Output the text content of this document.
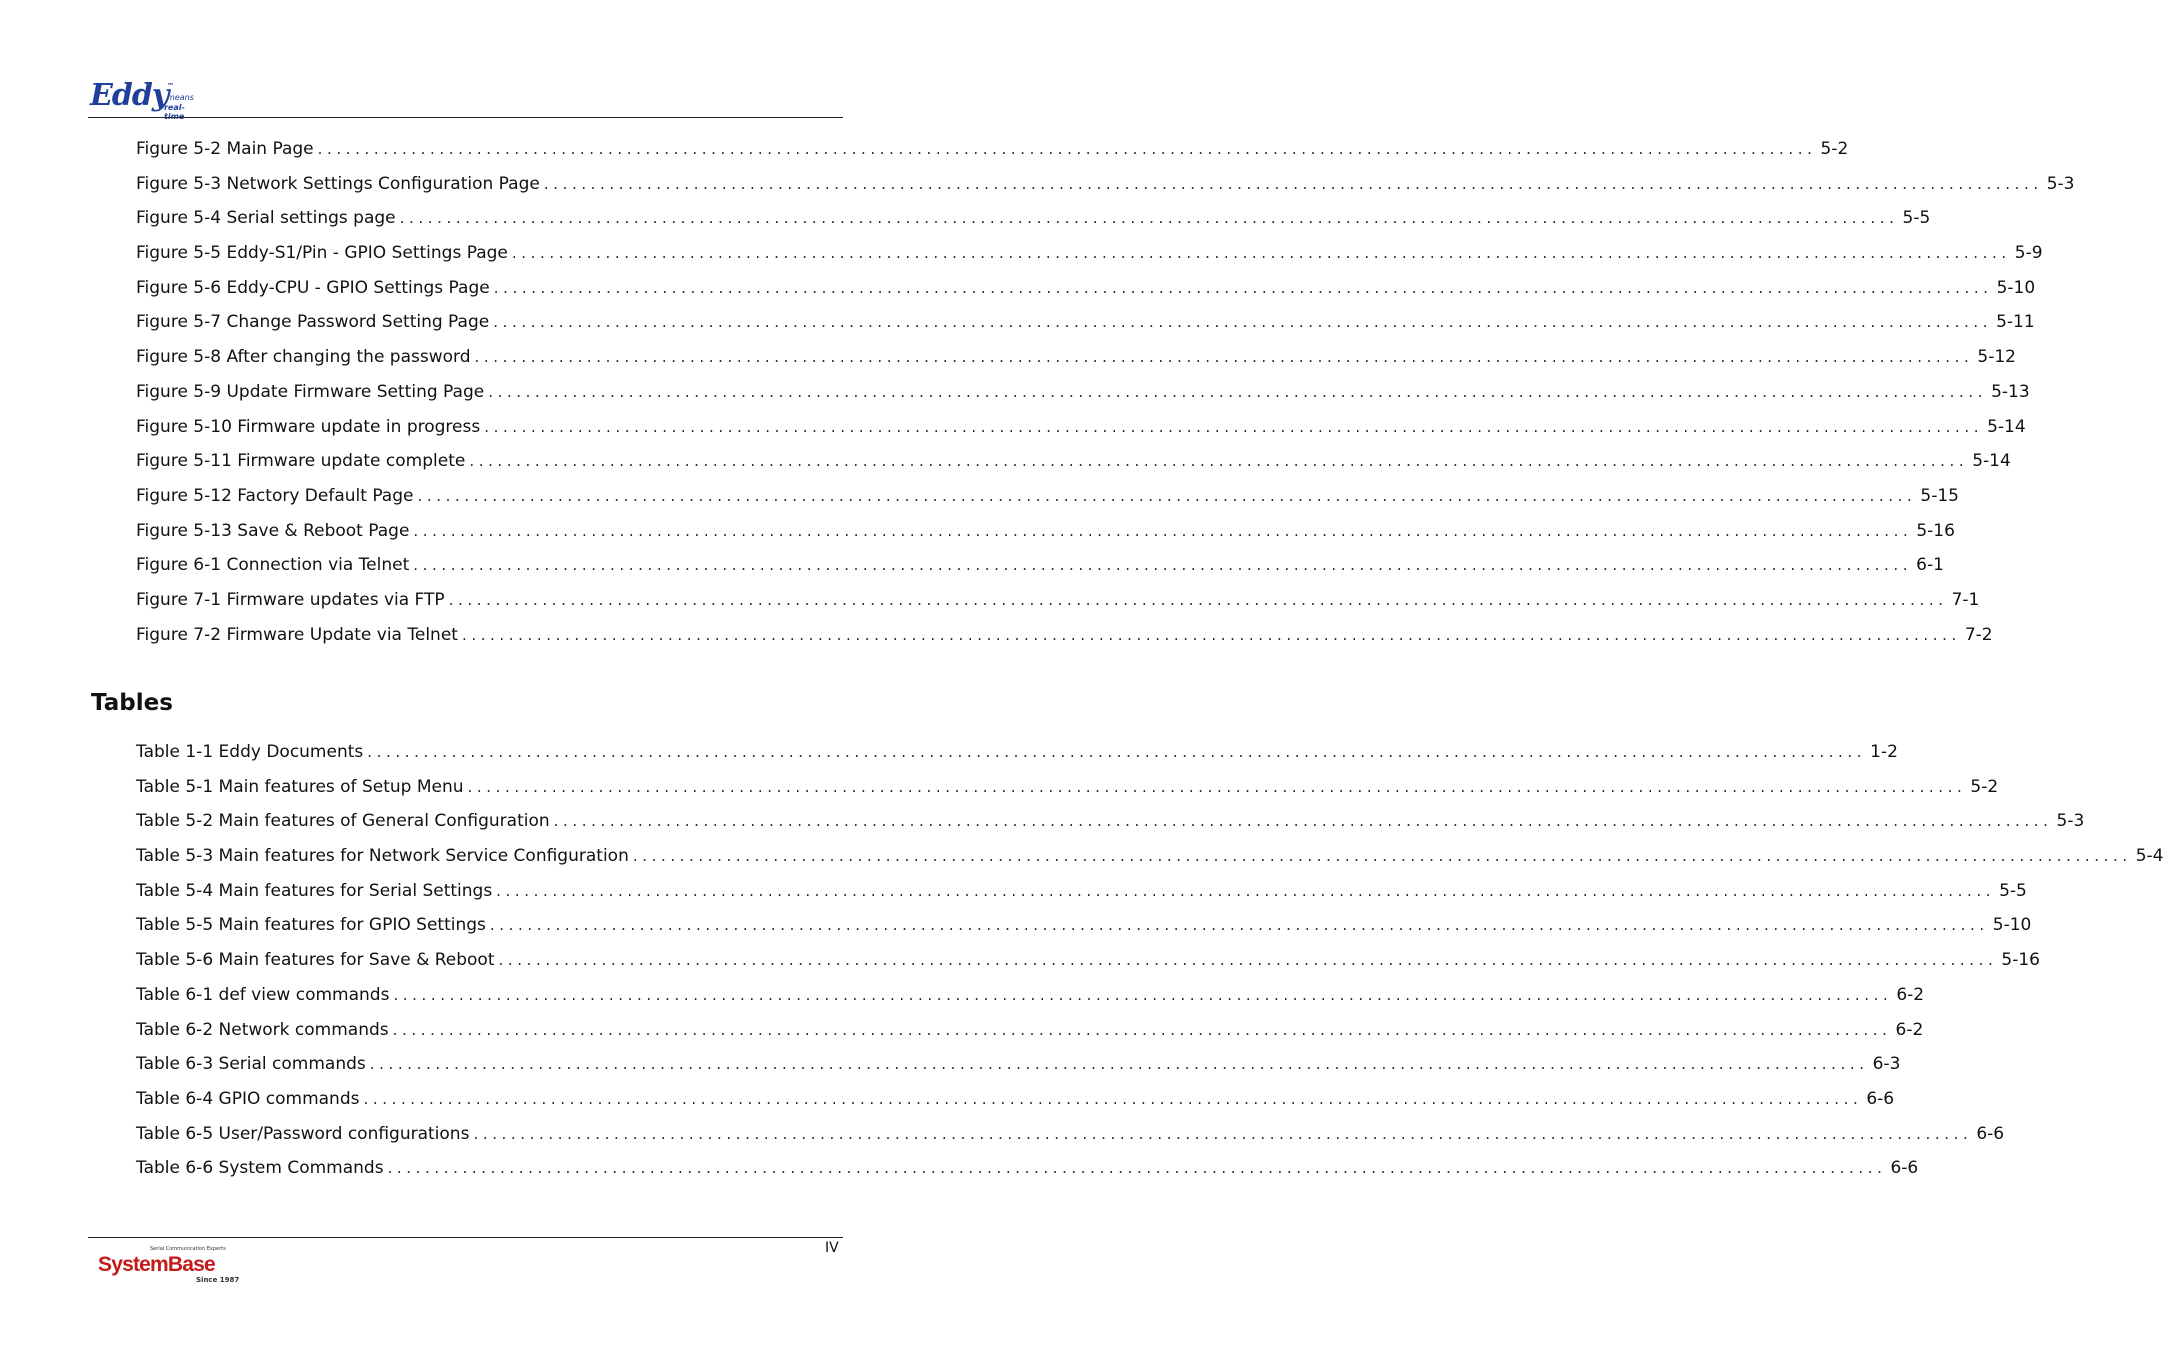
Eddy
™
means
real-
Figure 5-2 Main Page ................................................................................................................................................................ 5-2
Figure 5-3 Network Settings Configuration Page ................................................................................................................................................................ 5-3
Figure 5-4 Serial settings page ................................................................................................................................................................ 5-5
Figure 5-5 Eddy-S1/Pin - GPIO Settings Page ................................................................................................................................................................ 5-9
Figure 5-6 Eddy-CPU - GPIO Settings Page ................................................................................................................................................................ 5-10
Figure 5-7 Change Password Setting Page ................................................................................................................................................................ 5-11
Figure 5-8 After changing the password ................................................................................................................................................................ 5-12
Figure 5-9 Update Firmware Setting Page ................................................................................................................................................................ 5-13
Figure 5-10 Firmware update in progress ................................................................................................................................................................ 5-14
Figure 5-11 Firmware update complete ................................................................................................................................................................ 5-14
Figure 5-12 Factory Default Page ................................................................................................................................................................ 5-15
Figure 5-13 Save & Reboot Page ................................................................................................................................................................ 5-16
Figure 6-1 Connection via Telnet ................................................................................................................................................................ 6-1
Figure 7-1 Firmware updates via FTP ................................................................................................................................................................ 7-1
Figure 7-2 Firmware Update via Telnet ................................................................................................................................................................ 7-2
Tables
Table 1-1 Eddy Documents ................................................................................................................................................................ 1-2
Table 5-1 Main features of Setup Menu ................................................................................................................................................................ 5-2
Table 5-2 Main features of General Configuration ................................................................................................................................................................ 5-3
Table 5-3 Main features for Network Service Configuration ................................................................................................................................................................ 5-4
Table 5-4 Main features for Serial Settings ................................................................................................................................................................ 5-5
Table 5-5 Main features for GPIO Settings ................................................................................................................................................................ 5-10
Table 5-6 Main features for Save & Reboot ................................................................................................................................................................ 5-16
Table 6-1 def view commands ................................................................................................................................................................ 6-2
Table 6-2 Network commands ................................................................................................................................................................ 6-2
Table 6-3 Serial commands ................................................................................................................................................................ 6-3
Table 6-4 GPIO commands ................................................................................................................................................................ 6-6
Table 6-5 User/Password configurations ................................................................................................................................................................ 6-6
Table 6-6 System Commands ................................................................................................................................................................ 6-6
IV
Serial Communication Experts
SystemBase
Since 1987
